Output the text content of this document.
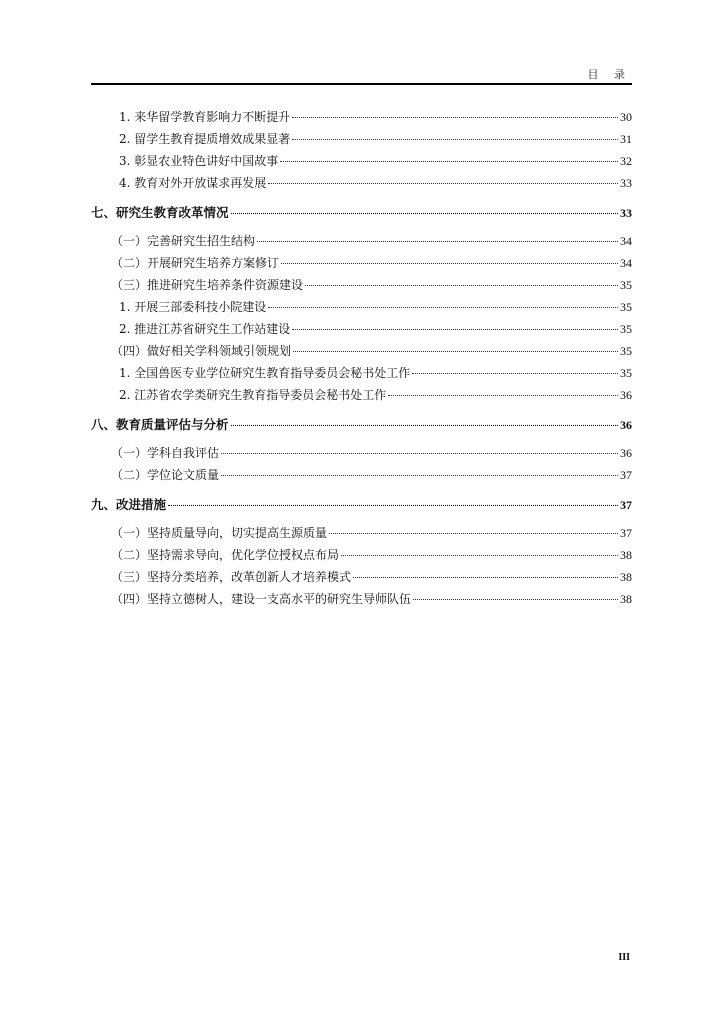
目 录
1. 来华留学教育影响力不断提升	30
2. 留学生教育提质增效成果显著	31
3. 彰显农业特色讲好中国故事	32
4. 教育对外开放谋求再发展	33
七、研究生教育改革情况	33
（一）完善研究生招生结构	34
（二）开展研究生培养方案修订	34
（三）推进研究生培养条件资源建设	35
1. 开展三部委科技小院建设	35
2. 推进江苏省研究生工作站建设	35
（四）做好相关学科领域引领规划	35
1. 全国兽医专业学位研究生教育指导委员会秘书处工作	35
2. 江苏省农学类研究生教育指导委员会秘书处工作	36
八、教育质量评估与分析	36
（一）学科自我评估	36
（二）学位论文质量	37
九、改进措施	37
（一）坚持质量导向，切实提高生源质量	37
（二）坚持需求导向，优化学位授权点布局	38
（三）坚持分类培养，改革创新人才培养模式	38
（四）坚持立德树人，建设一支高水平的研究生导师队伍	38
III
